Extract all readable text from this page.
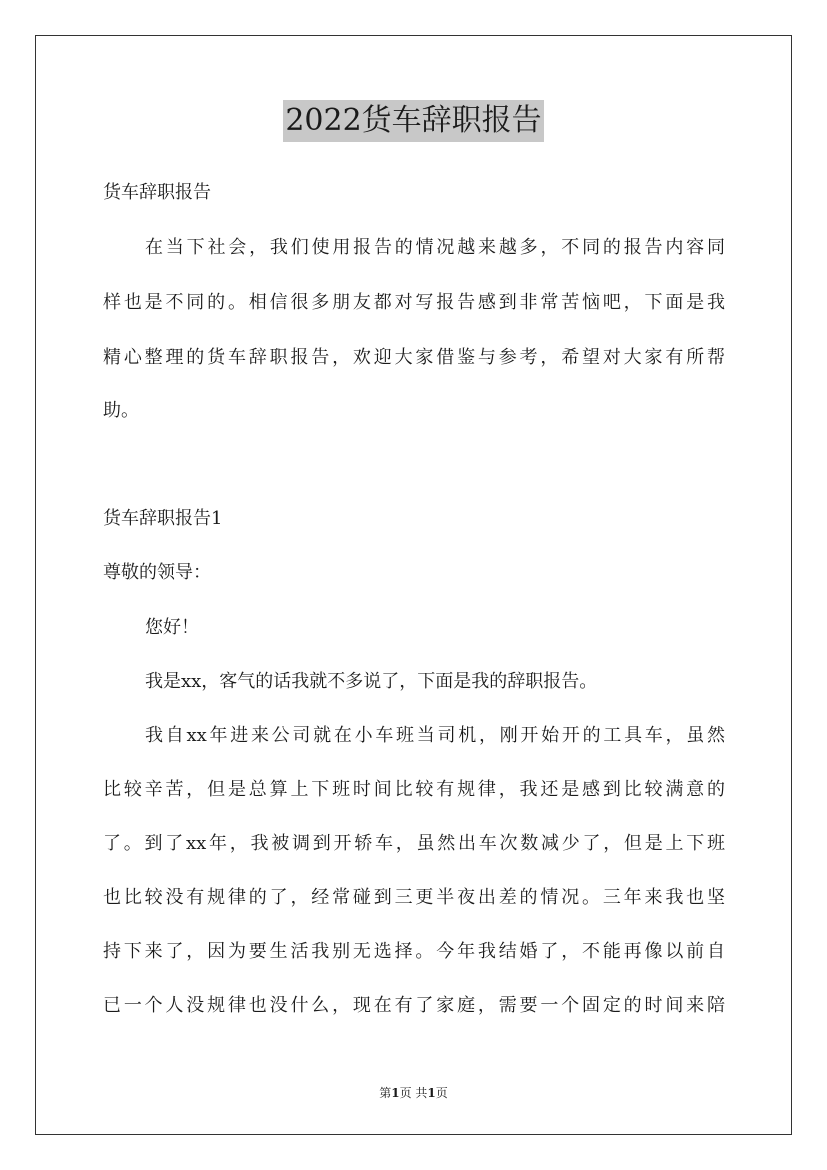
2022货车辞职报告
货车辞职报告
在当下社会，我们使用报告的情况越来越多，不同的报告内容同
样也是不同的。相信很多朋友都对写报告感到非常苦恼吧，下面是我
精心整理的货车辞职报告，欢迎大家借鉴与参考，希望对大家有所帮
助。
货车辞职报告1
尊敬的领导：
您好！
我是xx，客气的话我就不多说了，下面是我的辞职报告。
我自xx年进来公司就在小车班当司机，刚开始开的工具车，虽然
比较辛苦，但是总算上下班时间比较有规律，我还是感到比较满意的
了。到了xx年，我被调到开轿车，虽然出车次数减少了，但是上下班
也比较没有规律的了，经常碰到三更半夜出差的情况。三年来我也坚
持下来了，因为要生活我别无选择。今年我结婚了，不能再像以前自
已一个人没规律也没什么，现在有了家庭，需要一个固定的时间来陪
第1页 共1页
